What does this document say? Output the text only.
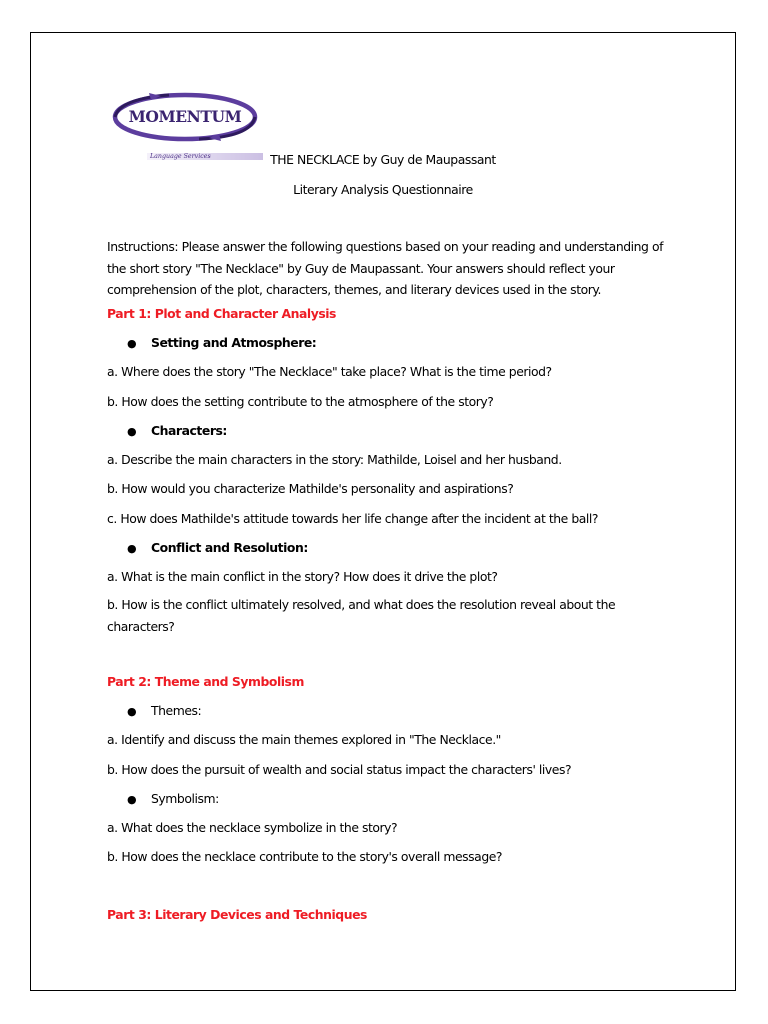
MOMENTUM
Language Services	THE NECKLACE by Guy de Maupassant
Literary Analysis Questionnaire
Instructions: Please answer the following questions based on your reading and understanding of the short story "The Necklace" by Guy de Maupassant. Your answers should reflect your comprehension of the plot, characters, themes, and literary devices used in the story.
Part 1: Plot and Character Analysis
● Setting and Atmosphere:
a. Where does the story "The Necklace" take place? What is the time period?
b. How does the setting contribute to the atmosphere of the story?
● Characters:
a. Describe the main characters in the story: Mathilde, Loisel and her husband.
b. How would you characterize Mathilde's personality and aspirations?
c. How does Mathilde's attitude towards her life change after the incident at the ball?
● Conflict and Resolution:
a. What is the main conflict in the story? How does it drive the plot?
b. How is the conflict ultimately resolved, and what does the resolution reveal about the characters?
Part 2: Theme and Symbolism
● Themes:
a. Identify and discuss the main themes explored in "The Necklace."
b. How does the pursuit of wealth and social status impact the characters' lives?
● Symbolism:
a. What does the necklace symbolize in the story?
b. How does the necklace contribute to the story's overall message?
Part 3: Literary Devices and Techniques
